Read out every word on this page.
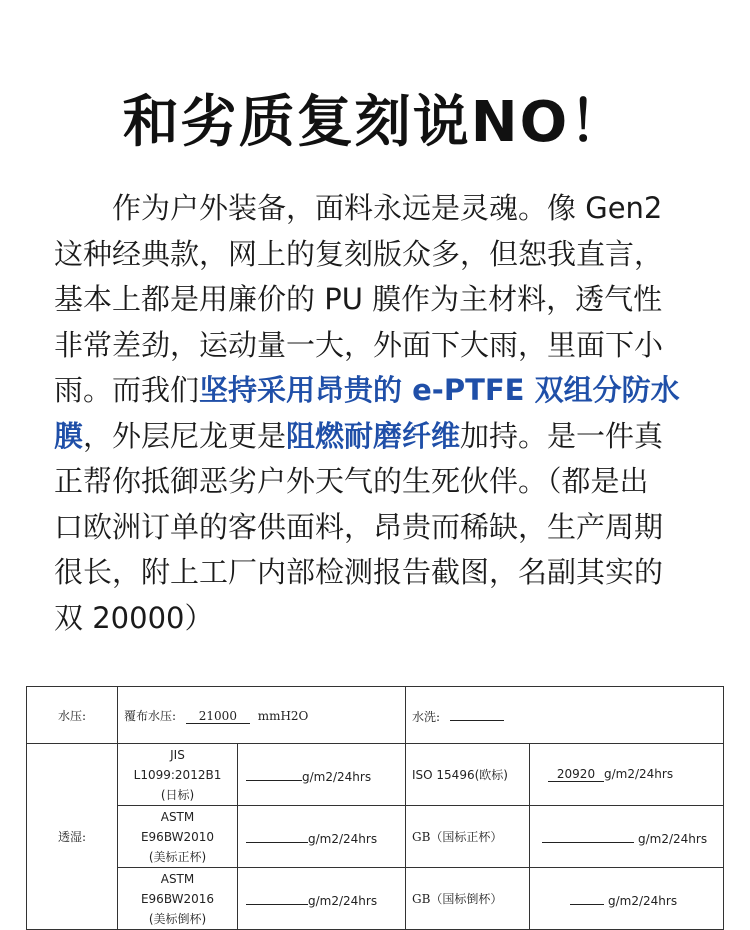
和劣质复刻说NO！
　　作为户外装备，面料永远是灵魂。像 Gen2
这种经典款，网上的复刻版众多，但恕我直言，
基本上都是用廉价的 PU 膜作为主材料，透气性
非常差劲，运动量一大，外面下大雨，里面下小
雨。而我们坚持采用昂贵的 e-PTFE 双组分防水
膜，外层尼龙更是阻燃耐磨纤维加持。是一件真
正帮你抵御恶劣户外天气的生死伙伴。（都是出
口欧洲订单的客供面料，昂贵而稀缺，生产周期
很长，附上工厂内部检测报告截图，名副其实的
双 20000）
水压:	覆布水压: 21000 mmH2O		水洗:	
透湿:	JIS
L1099:2012B1
(日标)	g/m2/24hrs	ISO 15496(欧标)	20920 g/m2/24hrs

	ASTM
E96BW2010
(美标正杯)	g/m2/24hrs	GB（国标正杯）	g/m2/24hrs

	ASTM
E96BW2016
(美标倒杯)	g/m2/24hrs	GB（国标倒杯）	g/m2/24hrs
